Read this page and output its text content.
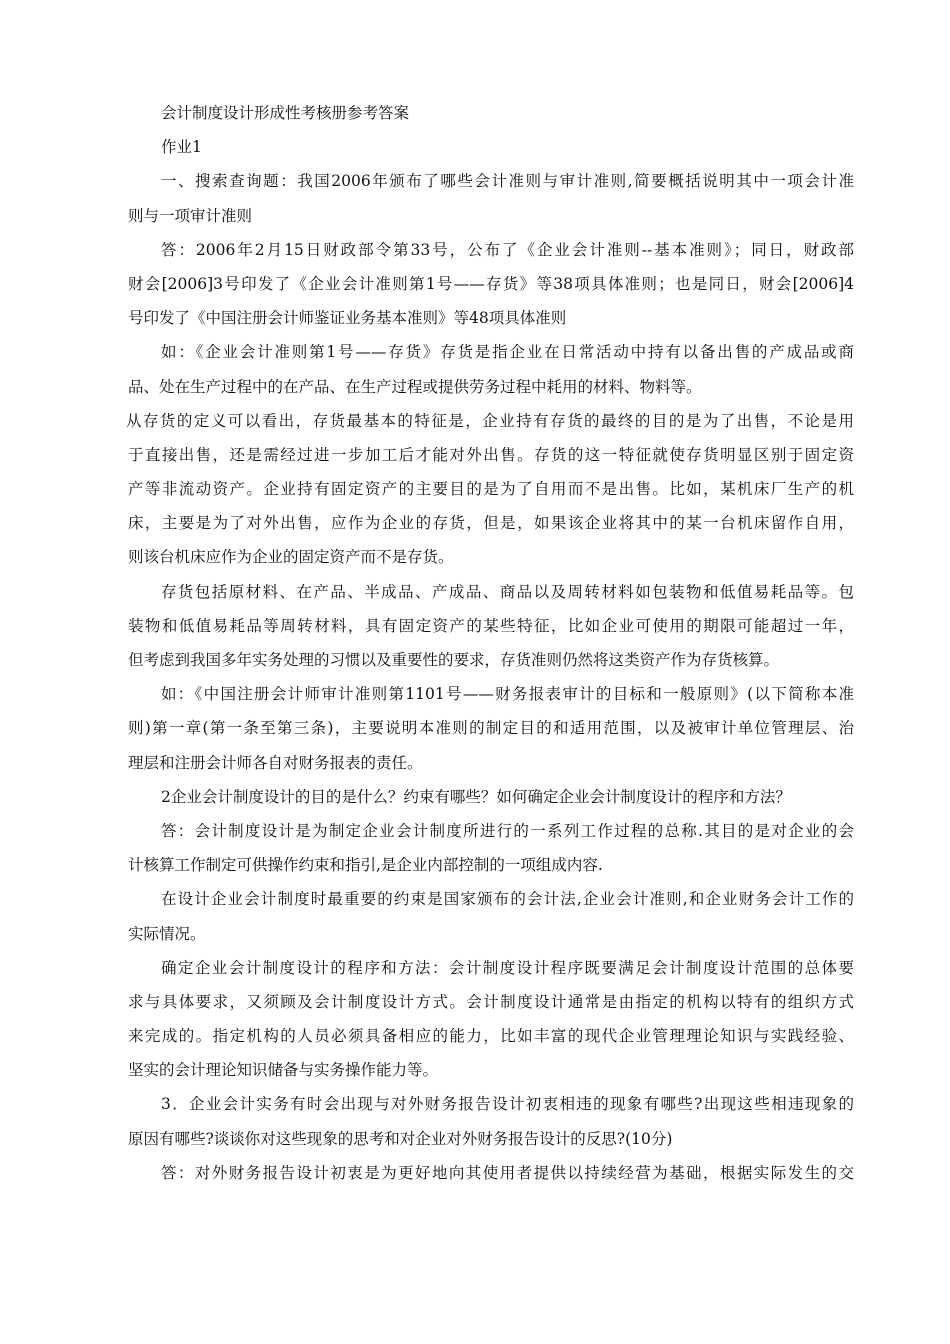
会计制度设计形成性考核册参考答案
作业1
一、搜索查询题：我国2006年颁布了哪些会计准则与审计准则,简要概括说明其中一项会计准
则与一项审计准则
答：2006年2月15日财政部令第33号，公布了《企业会计准则--基本准则》；同日，财政部
财会[2006]3号印发了《企业会计准则第1号——存货》等38项具体准则；也是同日，财会[2006]4
号印发了《中国注册会计师鉴证业务基本准则》等48项具体准则
如：《企业会计准则第1号——存货》存货是指企业在日常活动中持有以备出售的产成品或商
品、处在生产过程中的在产品、在生产过程或提供劳务过程中耗用的材料、物料等。
从存货的定义可以看出，存货最基本的特征是，企业持有存货的最终的目的是为了出售，不论是用
于直接出售，还是需经过进一步加工后才能对外出售。存货的这一特征就使存货明显区别于固定资
产等非流动资产。企业持有固定资产的主要目的是为了自用而不是出售。比如，某机床厂生产的机
床，主要是为了对外出售，应作为企业的存货，但是，如果该企业将其中的某一台机床留作自用，
则该台机床应作为企业的固定资产而不是存货。
存货包括原材料、在产品、半成品、产成品、商品以及周转材料如包装物和低值易耗品等。包
装物和低值易耗品等周转材料，具有固定资产的某些特征，比如企业可使用的期限可能超过一年，
但考虑到我国多年实务处理的习惯以及重要性的要求，存货准则仍然将这类资产作为存货核算。
如：《中国注册会计师审计准则第1101号——财务报表审计的目标和一般原则》(以下简称本准
则)第一章(第一条至第三条)，主要说明本准则的制定目的和适用范围，以及被审计单位管理层、治
理层和注册会计师各自对财务报表的责任。
2企业会计制度设计的目的是什么？约束有哪些？如何确定企业会计制度设计的程序和方法？
答：会计制度设计是为制定企业会计制度所进行的一系列工作过程的总称.其目的是对企业的会
计核算工作制定可供操作约束和指引,是企业内部控制的一项组成内容.
在设计企业会计制度时最重要的约束是国家颁布的会计法,企业会计准则,和企业财务会计工作的
实际情况。
确定企业会计制度设计的程序和方法：会计制度设计程序既要满足会计制度设计范围的总体要
求与具体要求，又须顾及会计制度设计方式。会计制度设计通常是由指定的机构以特有的组织方式
来完成的。指定机构的人员必须具备相应的能力，比如丰富的现代企业管理理论知识与实践经验、
坚实的会计理论知识储备与实务操作能力等。
3．企业会计实务有时会出现与对外财务报告设计初衷相违的现象有哪些?出现这些相违现象的
原因有哪些?谈谈你对这些现象的思考和对企业对外财务报告设计的反思?(10分)
答：对外财务报告设计初衷是为更好地向其使用者提供以持续经营为基础，根据实际发生的交
